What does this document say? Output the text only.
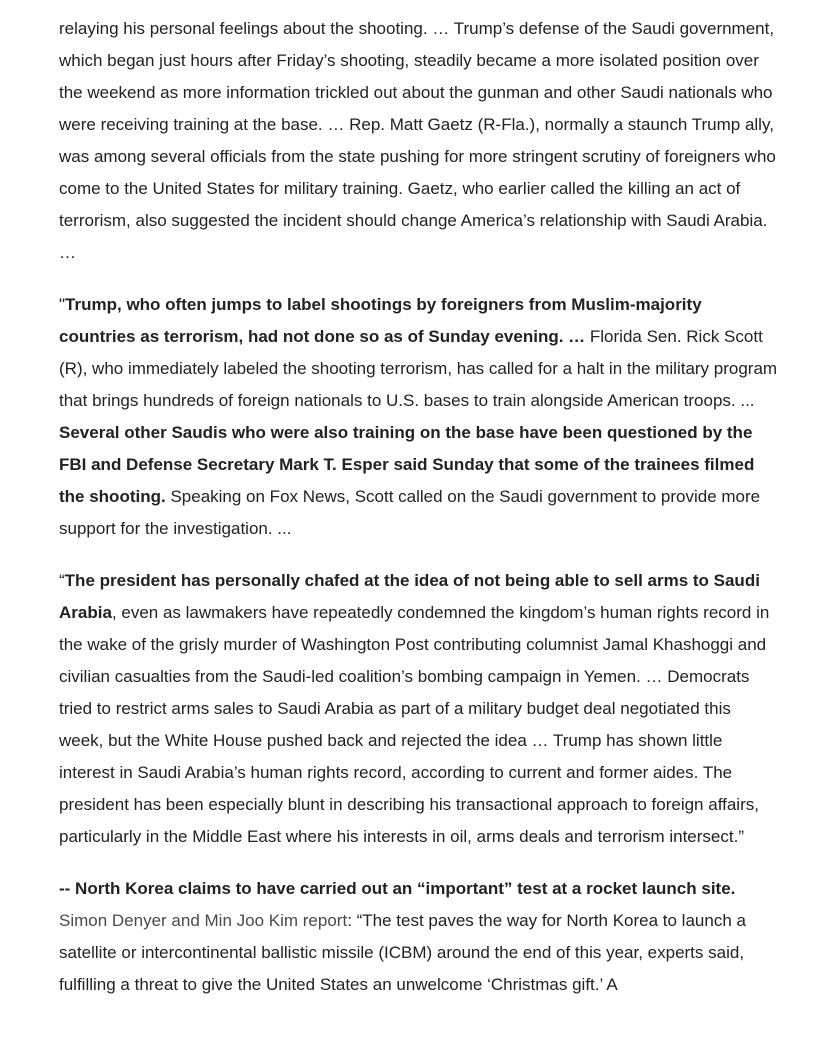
relaying his personal feelings about the shooting. … Trump’s defense of the Saudi government, which began just hours after Friday’s shooting, steadily became a more isolated position over the weekend as more information trickled out about the gunman and other Saudi nationals who were receiving training at the base. … Rep. Matt Gaetz (R-Fla.), normally a staunch Trump ally, was among several officials from the state pushing for more stringent scrutiny of foreigners who come to the United States for military training. Gaetz, who earlier called the killing an act of terrorism, also suggested the incident should change America’s relationship with Saudi Arabia. …

"Trump, who often jumps to label shootings by foreigners from Muslim-majority countries as terrorism, had not done so as of Sunday evening. … Florida Sen. Rick Scott (R), who immediately labeled the shooting terrorism, has called for a halt in the military program that brings hundreds of foreign nationals to U.S. bases to train alongside American troops. ... Several other Saudis who were also training on the base have been questioned by the FBI and Defense Secretary Mark T. Esper said Sunday that some of the trainees filmed the shooting. Speaking on Fox News, Scott called on the Saudi government to provide more support for the investigation. ...

“The president has personally chafed at the idea of not being able to sell arms to Saudi Arabia, even as lawmakers have repeatedly condemned the kingdom’s human rights record in the wake of the grisly murder of Washington Post contributing columnist Jamal Khashoggi and civilian casualties from the Saudi-led coalition’s bombing campaign in Yemen. … Democrats tried to restrict arms sales to Saudi Arabia as part of a military budget deal negotiated this week, but the White House pushed back and rejected the idea … Trump has shown little interest in Saudi Arabia’s human rights record, according to current and former aides. The president has been especially blunt in describing his transactional approach to foreign affairs, particularly in the Middle East where his interests in oil, arms deals and terrorism intersect.”

-- North Korea claims to have carried out an “important” test at a rocket launch site. Simon Denyer and Min Joo Kim report: “The test paves the way for North Korea to launch a satellite or intercontinental ballistic missile (ICBM) around the end of this year, experts said, fulfilling a threat to give the United States an unwelcome ‘Christmas gift.’ A
